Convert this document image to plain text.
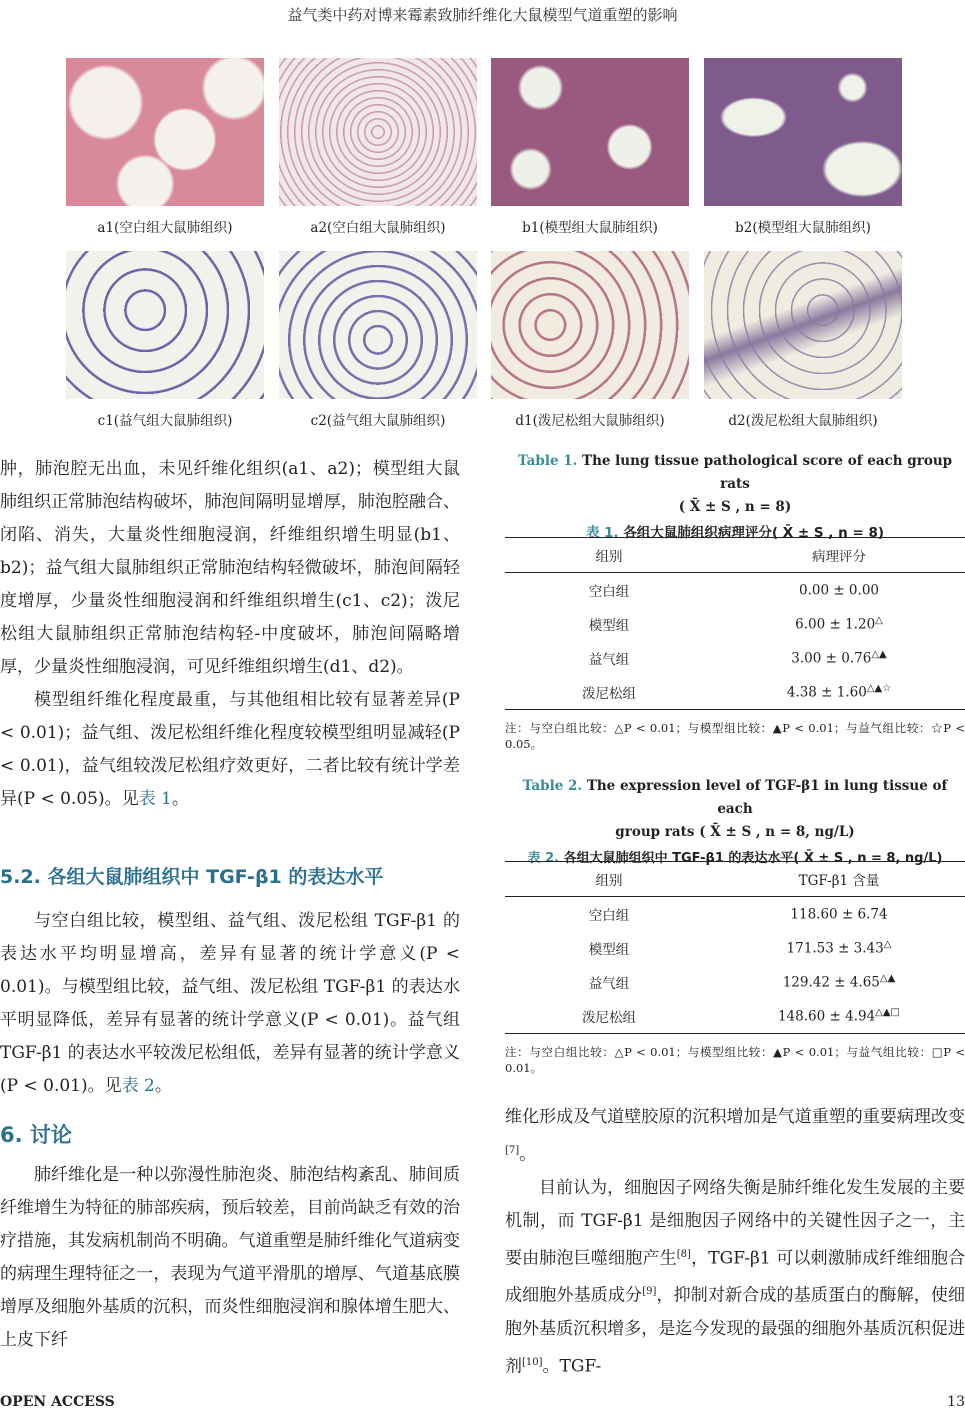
益气类中药对博来霉素致肺纤维化大鼠模型气道重塑的影响
a1(空白组大鼠肺组织)	a2(空白组大鼠肺组织)	b1(模型组大鼠肺组织)	b2(模型组大鼠肺组织)
c1(益气组大鼠肺组织)	c2(益气组大鼠肺组织)	d1(泼尼松组大鼠肺组织)	d2(泼尼松组大鼠肺组织)

肿，肺泡腔无出血，未见纤维化组织(a1、a2)；模型组大鼠肺组织正常肺泡结构破坏，肺泡间隔明显增厚，肺泡腔融合、闭陷、消失，大量炎性细胞浸润，纤维组织增生明显(b1、b2)；益气组大鼠肺组织正常肺泡结构轻微破坏，肺泡间隔轻度增厚，少量炎性细胞浸润和纤维组织增生(c1、c2)；泼尼松组大鼠肺组织正常肺泡结构轻-中度破坏，肺泡间隔略增厚，少量炎性细胞浸润，可见纤维组织增生(d1、d2)。

模型组纤维化程度最重，与其他组相比较有显著差异(P < 0.01)；益气组、泼尼松组纤维化程度较模型组明显减轻(P < 0.01)，益气组较泼尼松组疗效更好，二者比较有统计学差异(P < 0.05)。见表 1。

5.2. 各组大鼠肺组织中 TGF-β1 的表达水平

与空白组比较，模型组、益气组、泼尼松组 TGF-β1 的表达水平均明显增高，差异有显著的统计学意义(P < 0.01)。与模型组比较，益气组、泼尼松组 TGF-β1 的表达水平明显降低，差异有显著的统计学意义(P < 0.01)。益气组 TGF-β1 的表达水平较泼尼松组低，差异有显著的统计学意义(P < 0.01)。见表 2。

6. 讨论

肺纤维化是一种以弥漫性肺泡炎、肺泡结构紊乱、肺间质纤维增生为特征的肺部疾病，预后较差，目前尚缺乏有效的治疗措施，其发病机制尚不明确。气道重塑是肺纤维化气道病变的病理生理特征之一，表现为气道平滑肌的增厚、气道基底膜增厚及细胞外基质的沉积，而炎性细胞浸润和腺体增生肥大、上皮下纤

Table 1. The lung tissue pathological score of each group rats
( X̄ ± S , n = 8)
表 1. 各组大鼠肺组织病理评分( X̄ ± S , n = 8)
组别	病理评分
空白组	0.00 ± 0.00
模型组	6.00 ± 1.20△
益气组	3.00 ± 0.76△▲
泼尼松组	4.38 ± 1.60△▲☆
注：与空白组比较：△P < 0.01；与模型组比较：▲P < 0.01；与益气组比较：☆P < 0.05。
Table 2. The expression level of TGF-β1 in lung tissue of each
group rats ( X̄ ± S , n = 8, ng/L)
表 2. 各组大鼠肺组织中 TGF-β1 的表达水平( X̄ ± S , n = 8, ng/L)
组别	TGF-β1 含量
空白组	118.60 ± 6.74
模型组	171.53 ± 3.43△
益气组	129.42 ± 4.65△▲
泼尼松组	148.60 ± 4.94△▲□
注：与空白组比较：△P < 0.01；与模型组比较：▲P < 0.01；与益气组比较：□P < 0.01。

维化形成及气道壁胶原的沉积增加是气道重塑的重要病理改变[7]。

目前认为，细胞因子网络失衡是肺纤维化发生发展的主要机制，而 TGF-β1 是细胞因子网络中的关键性因子之一，主要由肺泡巨噬细胞产生[8]，TGF-β1 可以刺激肺成纤维细胞合成细胞外基质成分[9]，抑制对新合成的基质蛋白的酶解，使细胞外基质沉积增多，是迄今发现的最强的细胞外基质沉积促进剂[10]。TGF-

OPEN ACCESS	13
